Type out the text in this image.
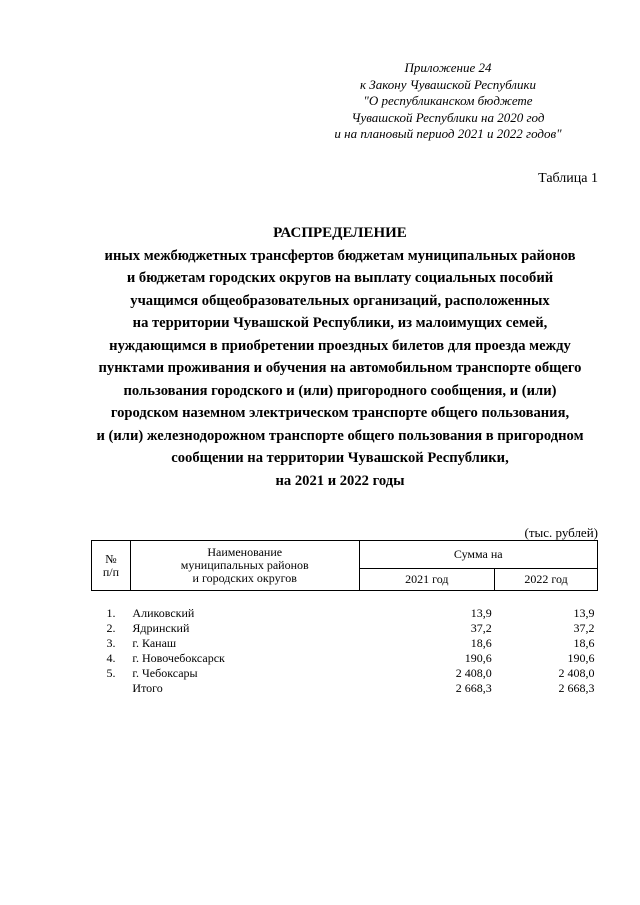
Приложение 24
к Закону Чувашской Республики
"О республиканском бюджете
Чувашской Республики на 2020 год
и на плановый период 2021 и 2022 годов"
Таблица 1
РАСПРЕДЕЛЕНИЕ
иных межбюджетных трансфертов бюджетам муниципальных районов
и бюджетам городских округов на выплату социальных пособий
учащимся общеобразовательных организаций, расположенных
на территории Чувашской Республики, из малоимущих семей,
нуждающимся в приобретении проездных билетов для проезда между
пунктами проживания и обучения на автомобильном транспорте общего
пользования городского и (или) пригородного сообщения, и (или)
городском наземном электрическом транспорте общего пользования,
и (или) железнодорожном транспорте общего пользования в пригородном
сообщении на территории Чувашской Республики,
на 2021 и 2022 годы
(тыс. рублей)
№
п/п	Наименование
муниципальных районов
и городских округов	Сумма на	
		2021 год	2022 год

1.	Аликовский	13,9	13,9
2.	Ядринский	37,2	37,2
3.	г. Канаш	18,6	18,6
4.	г. Новочебоксарск	190,6	190,6
5.	г. Чебоксары	2 408,0	2 408,0
	Итого	2 668,3	2 668,3
